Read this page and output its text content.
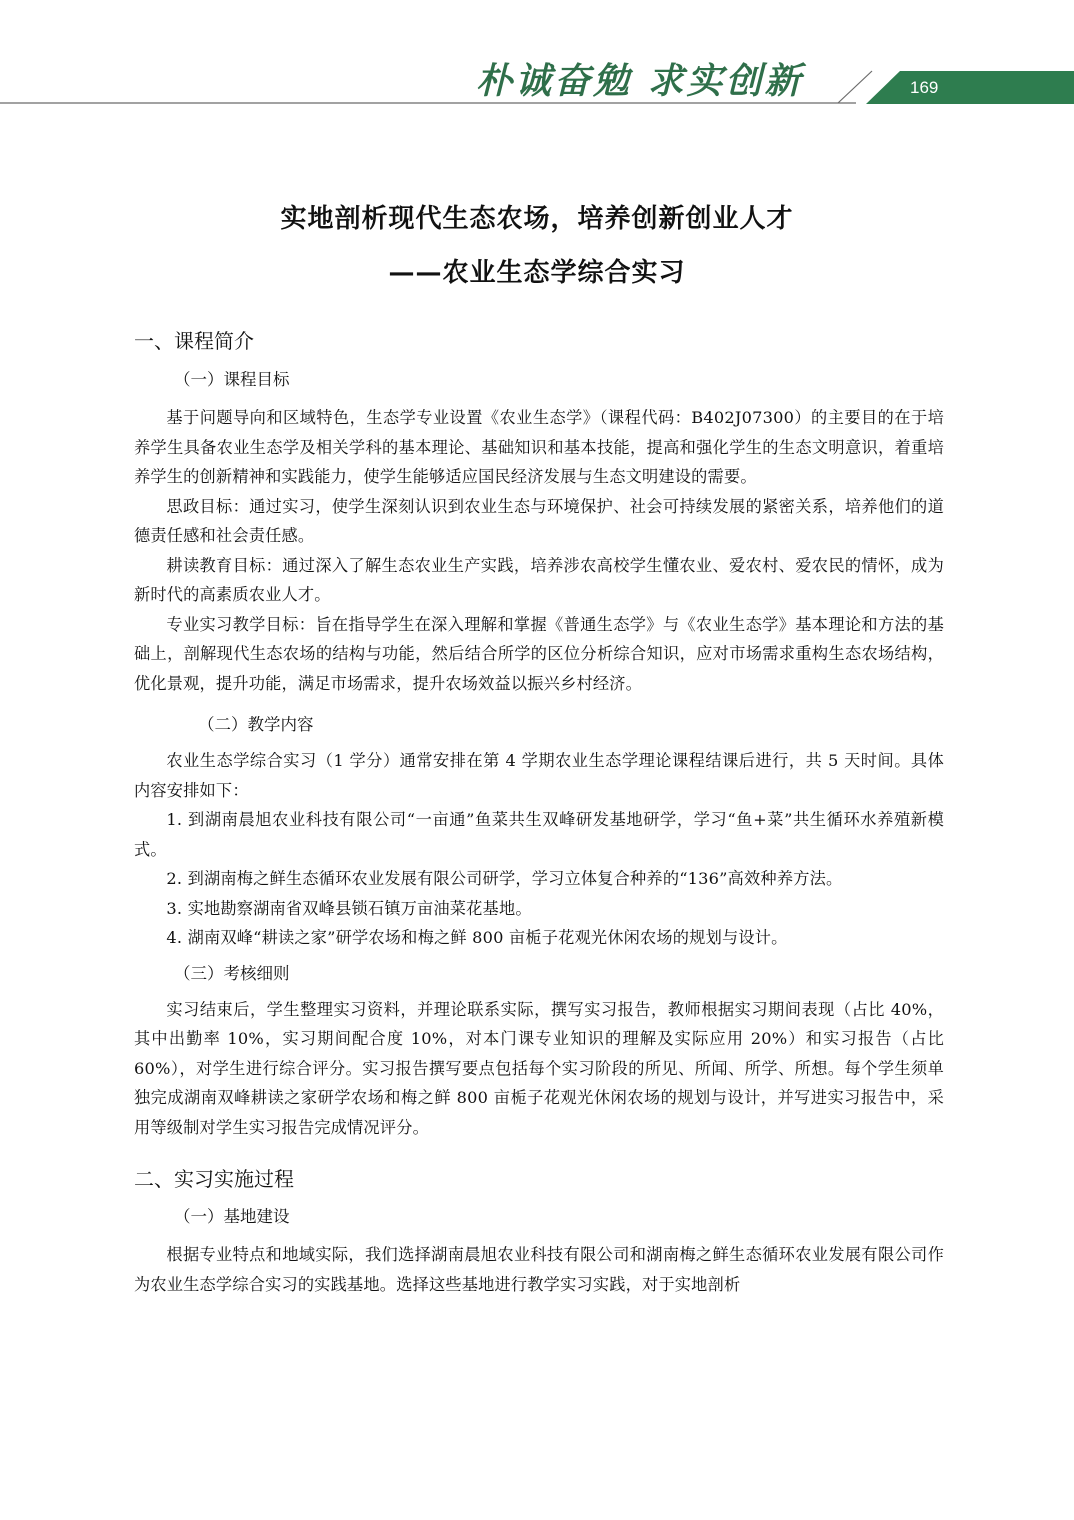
朴诚奋勉 求实创新	169
实地剖析现代生态农场，培养创新创业人才
——农业生态学综合实习
一、课程简介
（一）课程目标

基于问题导向和区域特色，生态学专业设置《农业生态学》（课程代码：B402J07300）的主要目的在于培养学生具备农业生态学及相关学科的基本理论、基础知识和基本技能，提高和强化学生的生态文明意识，着重培养学生的创新精神和实践能力，使学生能够适应国民经济发展与生态文明建设的需要。

思政目标：通过实习，使学生深刻认识到农业生态与环境保护、社会可持续发展的紧密关系，培养他们的道德责任感和社会责任感。

耕读教育目标：通过深入了解生态农业生产实践，培养涉农高校学生懂农业、爱农村、爱农民的情怀，成为新时代的高素质农业人才。

专业实习教学目标：旨在指导学生在深入理解和掌握《普通生态学》与《农业生态学》基本理论和方法的基础上，剖解现代生态农场的结构与功能，然后结合所学的区位分析综合知识，应对市场需求重构生态农场结构，优化景观，提升功能，满足市场需求，提升农场效益以振兴乡村经济。

（二）教学内容

农业生态学综合实习（1 学分）通常安排在第 4 学期农业生态学理论课程结课后进行，共 5 天时间。具体内容安排如下：

1. 到湖南晨旭农业科技有限公司“一亩通”鱼菜共生双峰研发基地研学，学习“鱼+菜”共生循环水养殖新模式。

2. 到湖南梅之鲜生态循环农业发展有限公司研学，学习立体复合种养的“136”高效种养方法。

3. 实地勘察湖南省双峰县锁石镇万亩油菜花基地。

4. 湖南双峰“耕读之家”研学农场和梅之鲜 800 亩栀子花观光休闲农场的规划与设计。

（三）考核细则

实习结束后，学生整理实习资料，并理论联系实际，撰写实习报告，教师根据实习期间表现（占比 40%，其中出勤率 10%，实习期间配合度 10%，对本门课专业知识的理解及实际应用 20%）和实习报告（占比 60%），对学生进行综合评分。实习报告撰写要点包括每个实习阶段的所见、所闻、所学、所想。每个学生须单独完成湖南双峰耕读之家研学农场和梅之鲜 800 亩栀子花观光休闲农场的规划与设计，并写进实习报告中，采用等级制对学生实习报告完成情况评分。

二、实习实施过程
（一）基地建设

根据专业特点和地域实际，我们选择湖南晨旭农业科技有限公司和湖南梅之鲜生态循环农业发展有限公司作为农业生态学综合实习的实践基地。选择这些基地进行教学实习实践，对于实地剖析
